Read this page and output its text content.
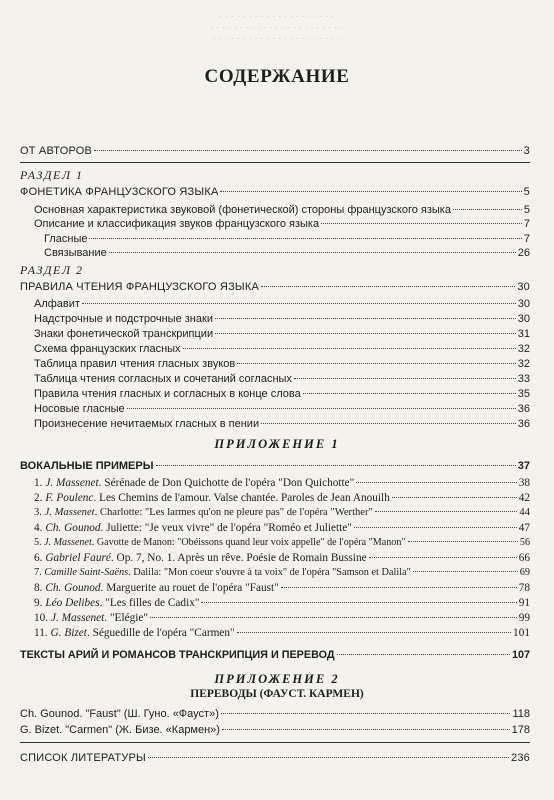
· · · · · · · · · · · · · · · · · · · ·
· · · · · · · · · · · · · · · · · · · · · · ·
· · · · · · · · · · · · · · · · · · · · · ·
СОДЕРЖАНИЕ
ОТ АВТОРОВ	3
РАЗДЕЛ 1
ФОНЕТИКА ФРАНЦУЗСКОГО ЯЗЫКА	5
Основная характеристика звуковой (фонетической) стороны французского языка	5
Описание и классификация звуков французского языка	7
Гласные	7
Связывание	26
РАЗДЕЛ 2
ПРАВИЛА ЧТЕНИЯ ФРАНЦУЗСКОГО ЯЗЫКА	30
Алфавит	30
Надстрочные и подстрочные знаки	30
Знаки фонетической транскрипции	31
Схема французских гласных	32
Таблица правил чтения гласных звуков	32
Таблица чтения согласных и сочетаний согласных	33
Правила чтения гласных и согласных в конце слова	35
Носовые гласные	36
Произнесение нечитаемых гласных в пении	36
ПРИЛОЖЕНИЕ 1
ВОКАЛЬНЫЕ ПРИМЕРЫ	37
1. J. Massenet. Sérénade de Don Quichotte de l'opéra "Don Quichotte"	38
2. F. Poulenc. Les Chemins de l'amour. Valse chantée. Paroles de Jean Anouilh	42
3. J. Massenet. Charlotte: "Les larmes qu'on ne pleure pas" de l'opéra "Werther"	44
4. Ch. Gounod. Juliette: "Je veux vivre" de l'opéra "Roméo et Juliette"	47
5. J. Massenet. Gavotte de Manon: "Obéissons quand leur voix appelle" de l'opéra "Manon"	56
6. Gabriel Fauré. Op. 7, No. 1. Après un rêve. Poésie de Romain Bussine	66
7. Camille Saint-Saëns. Dalila: "Mon coeur s'ouvre à ta voix" de l'opéra "Samson et Dalila"	69
8. Ch. Gounod. Marguerite au rouet de l'opéra "Faust"	78
9. Léo Delibes. "Les filles de Cadix"	91
10. J. Massenet. "Elégie"	99
11. G. Bizet. Séguedille de l'opéra "Carmen"	101
ТЕКСТЫ АРИЙ И РОМАНСОВ ТРАНСКРИПЦИЯ И ПЕРЕВОД	107
ПРИЛОЖЕНИЕ 2
ПЕРЕВОДЫ (ФАУСТ. КАРМЕН)
Ch. Gounod. "Faust" (Ш. Гуно. «Фауст»)	118
G. Bizet. "Carmen" (Ж. Бизе. «Кармен»)	178
СПИСОК ЛИТЕРАТУРЫ	236
